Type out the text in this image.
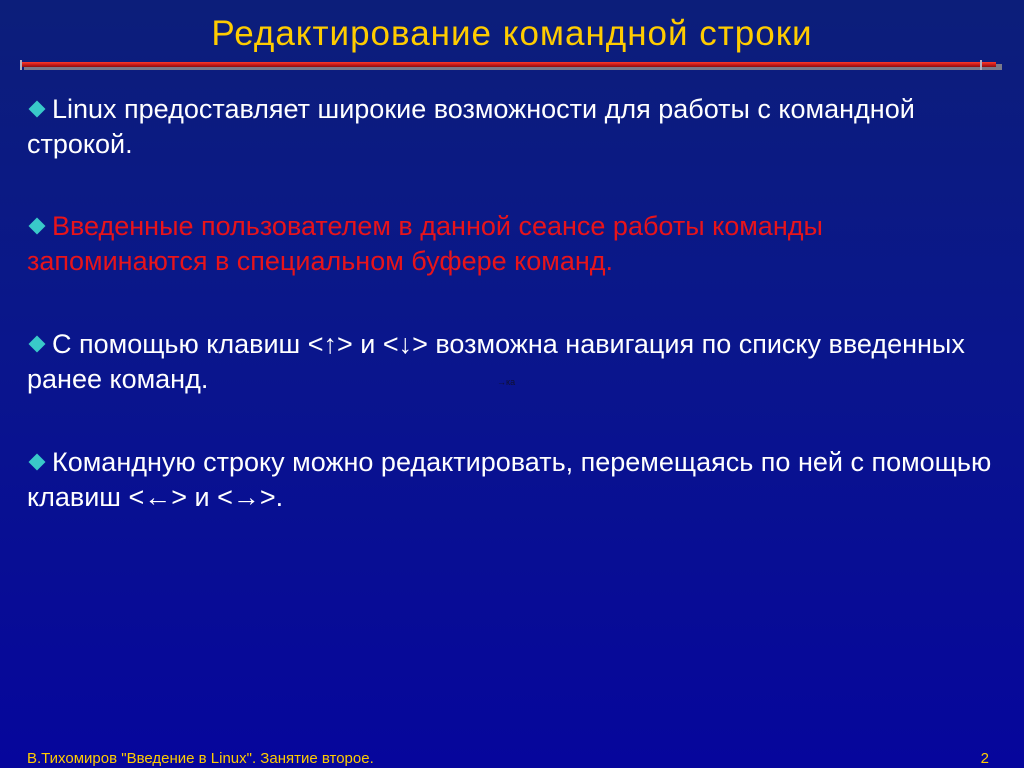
Редактирование командной строки
Linux предоставляет широкие возможности для работы с командной строкой.
Введенные пользователем в данной сеансе работы команды запоминаются в специальном буфере команд.
С помощью клавиш <↑> и <↓> возможна навигация по списку введенных ранее команд.
Командную строку можно редактировать, перемещаясь по ней с помощью клавиш <←> и <→>.
→ка
В.Тихомиров "Введение в Linux". Занятие второе.	2
